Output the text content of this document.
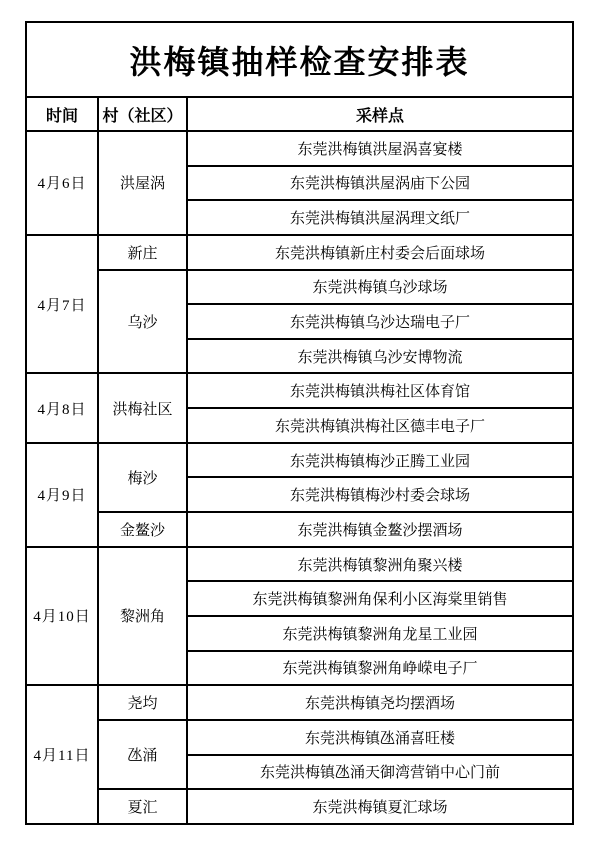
洪梅镇抽样检查安排表		
时间	村（社区）	采样点
4月6日	洪屋涡	东莞洪梅镇洪屋涡喜宴楼
		东莞洪梅镇洪屋涡庙下公园
		东莞洪梅镇洪屋涡理文纸厂
4月7日	新庄	东莞洪梅镇新庄村委会后面球场
	乌沙	东莞洪梅镇乌沙球场
		东莞洪梅镇乌沙达瑞电子厂
		东莞洪梅镇乌沙安博物流
4月8日	洪梅社区	东莞洪梅镇洪梅社区体育馆
		东莞洪梅镇洪梅社区德丰电子厂
4月9日	梅沙	东莞洪梅镇梅沙正腾工业园
		东莞洪梅镇梅沙村委会球场
	金鳌沙	东莞洪梅镇金鳌沙摆酒场
4月10日	黎洲角	东莞洪梅镇黎洲角聚兴楼
		东莞洪梅镇黎洲角保利小区海棠里销售
		东莞洪梅镇黎洲角龙星工业园
		东莞洪梅镇黎洲角峥嵘电子厂
4月11日	尧均	东莞洪梅镇尧均摆酒场
	氹涌	东莞洪梅镇氹涌喜旺楼
		东莞洪梅镇氹涌天御湾营销中心门前
	夏汇	东莞洪梅镇夏汇球场
